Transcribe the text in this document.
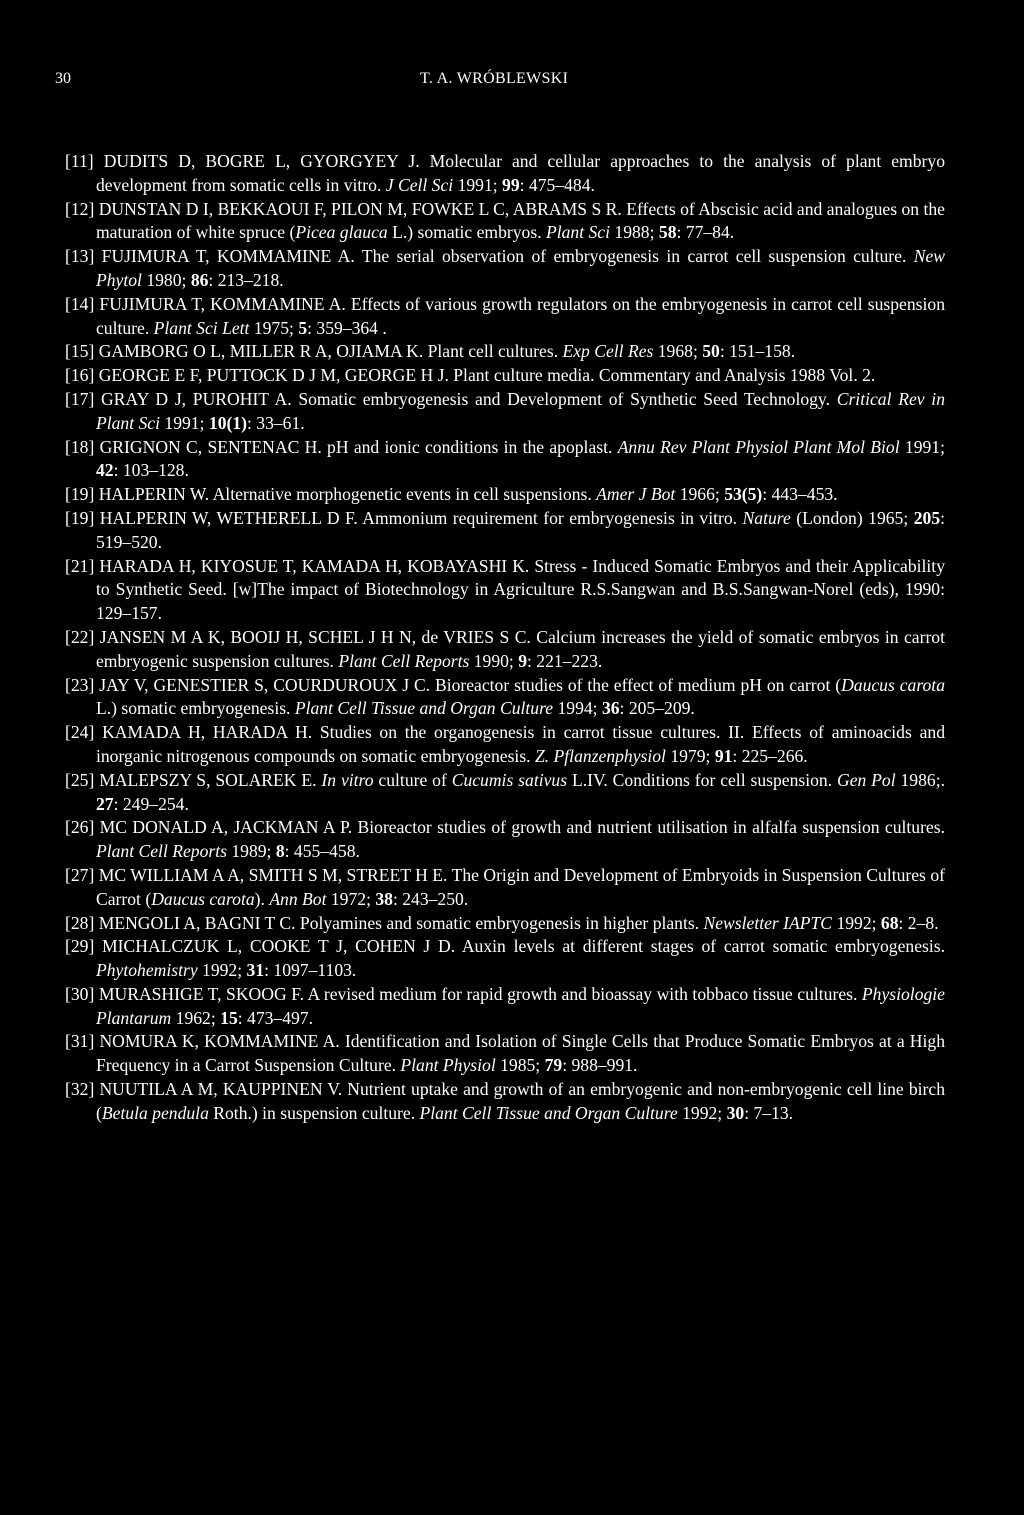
30	T. A. WRÓBLEWSKI
[11] DUDITS D, BOGRE L, GYORGYEY J. Molecular and cellular approaches to the analysis of plant embryo development from somatic cells in vitro. J Cell Sci 1991; 99: 475–484.
[12] DUNSTAN D I, BEKKAOUI F, PILON M, FOWKE L C, ABRAMS S R. Effects of Abscisic acid and analogues on the maturation of white spruce (Picea glauca L.) somatic embryos. Plant Sci 1988; 58: 77–84.
[13] FUJIMURA T, KOMMAMINE A. The serial observation of embryogenesis in carrot cell suspension culture. New Phytol 1980; 86: 213–218.
[14] FUJIMURA T, KOMMAMINE A. Effects of various growth regulators on the embryogenesis in carrot cell suspension culture. Plant Sci Lett 1975; 5: 359–364 .
[15] GAMBORG O L, MILLER R A, OJIAMA K. Plant cell cultures. Exp Cell Res 1968; 50: 151–158.
[16] GEORGE E F, PUTTOCK D J M, GEORGE H J. Plant culture media. Commentary and Analysis 1988 Vol. 2.
[17] GRAY D J, PUROHIT A. Somatic embryogenesis and Development of Synthetic Seed Technology. Critical Rev in Plant Sci 1991; 10(1): 33–61.
[18] GRIGNON C, SENTENAC H. pH and ionic conditions in the apoplast. Annu Rev Plant Physiol Plant Mol Biol 1991; 42: 103–128.
[19] HALPERIN W. Alternative morphogenetic events in cell suspensions. Amer J Bot 1966; 53(5): 443–453.
[19] HALPERIN W, WETHERELL D F. Ammonium requirement for embryogenesis in vitro. Nature (London) 1965; 205: 519–520.
[21] HARADA H, KIYOSUE T, KAMADA H, KOBAYASHI K. Stress - Induced Somatic Embryos and their Applicability to Synthetic Seed. [w]The impact of Biotechnology in Agriculture R.S.Sangwan and B.S.Sangwan-Norel (eds), 1990: 129–157.
[22] JANSEN M A K, BOOIJ H, SCHEL J H N, de VRIES S C. Calcium increases the yield of somatic embryos in carrot embryogenic suspension cultures. Plant Cell Reports 1990; 9: 221–223.
[23] JAY V, GENESTIER S, COURDUROUX J C. Bioreactor studies of the effect of medium pH on carrot (Daucus carota L.) somatic embryogenesis. Plant Cell Tissue and Organ Culture 1994; 36: 205–209.
[24] KAMADA H, HARADA H. Studies on the organogenesis in carrot tissue cultures. II. Effects of aminoacids and inorganic nitrogenous compounds on somatic embryogenesis. Z. Pflanzenphysiol 1979; 91: 225–266.
[25] MALEPSZY S, SOLAREK E. In vitro culture of Cucumis sativus L.IV. Conditions for cell suspension. Gen Pol 1986;. 27: 249–254.
[26] MC DONALD A, JACKMAN A P. Bioreactor studies of growth and nutrient utilisation in alfalfa suspension cultures. Plant Cell Reports 1989; 8: 455–458.
[27] MC WILLIAM A A, SMITH S M, STREET H E. The Origin and Development of Embryoids in Suspension Cultures of Carrot (Daucus carota). Ann Bot 1972; 38: 243–250.
[28] MENGOLI A, BAGNI T C. Polyamines and somatic embryogenesis in higher plants. Newsletter IAPTC 1992; 68: 2–8.
[29] MICHALCZUK L, COOKE T J, COHEN J D. Auxin levels at different stages of carrot somatic embryogenesis. Phytohemistry 1992; 31: 1097–1103.
[30] MURASHIGE T, SKOOG F. A revised medium for rapid growth and bioassay with tobbaco tissue cultures. Physiologie Plantarum 1962; 15: 473–497.
[31] NOMURA K, KOMMAMINE A. Identification and Isolation of Single Cells that Produce Somatic Embryos at a High Frequency in a Carrot Suspension Culture. Plant Physiol 1985; 79: 988–991.
[32] NUUTILA A M, KAUPPINEN V. Nutrient uptake and growth of an embryogenic and non-embryogenic cell line birch (Betula pendula Roth.) in suspension culture. Plant Cell Tissue and Organ Culture 1992; 30: 7–13.
